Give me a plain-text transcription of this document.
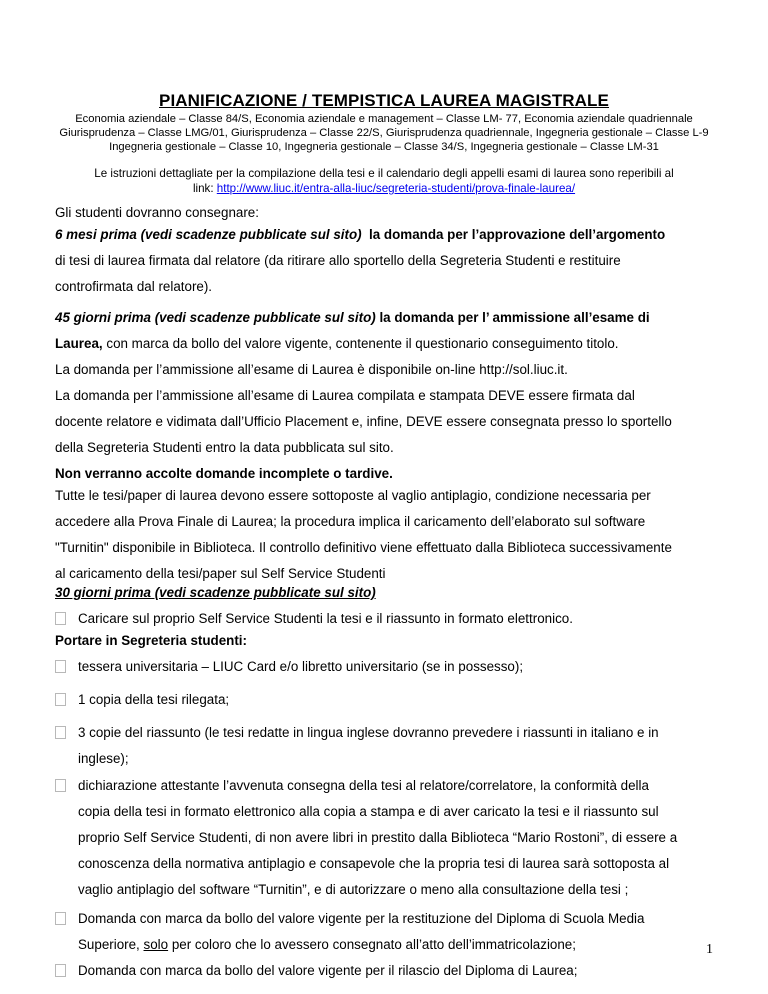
PIANIFICAZIONE / TEMPISTICA LAUREA MAGISTRALE
Economia aziendale – Classe 84/S, Economia aziendale e management – Classe LM- 77, Economia aziendale quadriennale
Giurisprudenza – Classe LMG/01, Giurisprudenza – Classe 22/S, Giurisprudenza quadriennale, Ingegneria gestionale – Classe L-9
Ingegneria gestionale – Classe 10, Ingegneria gestionale – Classe 34/S, Ingegneria gestionale – Classe LM-31
Le istruzioni dettagliate per la compilazione della tesi e il calendario degli appelli esami di laurea sono reperibili al
link: http://www.liuc.it/entra-alla-liuc/segreteria-studenti/prova-finale-laurea/
Gli studenti dovranno consegnare:
6 mesi prima (vedi scadenze pubblicate sul sito) la domanda per l’approvazione dell’argomento
di tesi di laurea firmata dal relatore (da ritirare allo sportello della Segreteria Studenti e restituire
controfirmata dal relatore).
45 giorni prima (vedi scadenze pubblicate sul sito) la domanda per l’ ammissione all’esame di
Laurea, con marca da bollo del valore vigente, contenente il questionario conseguimento titolo.
La domanda per l’ammissione all’esame di Laurea è disponibile on-line http://sol.liuc.it.
La domanda per l’ammissione all’esame di Laurea compilata e stampata DEVE essere firmata dal
docente relatore e vidimata dall’Ufficio Placement e, infine, DEVE essere consegnata presso lo sportello
della Segreteria Studenti entro la data pubblicata sul sito.
Non verranno accolte domande incomplete o tardive.
Tutte le tesi/paper di laurea devono essere sottoposte al vaglio antiplagio, condizione necessaria per
accedere alla Prova Finale di Laurea; la procedura implica il caricamento dell’elaborato sul software
"Turnitin" disponibile in Biblioteca. Il controllo definitivo viene effettuato dalla Biblioteca successivamente
al caricamento della tesi/paper sul Self Service Studenti
30 giorni prima (vedi scadenze pubblicate sul sito)
Caricare sul proprio Self Service Studenti la tesi e il riassunto in formato elettronico.
Portare in Segreteria studenti:
tessera universitaria – LIUC Card e/o libretto universitario (se in possesso);
1 copia della tesi rilegata;
3 copie del riassunto (le tesi redatte in lingua inglese dovranno prevedere i riassunti in italiano e in
inglese);
dichiarazione attestante l’avvenuta consegna della tesi al relatore/correlatore, la conformità della
copia della tesi in formato elettronico alla copia a stampa e di aver caricato la tesi e il riassunto sul
proprio Self Service Studenti, di non avere libri in prestito dalla Biblioteca “Mario Rostoni”, di essere a
conoscenza della normativa antiplagio e consapevole che la propria tesi di laurea sarà sottoposta al
vaglio antiplagio del software “Turnitin”, e di autorizzare o meno alla consultazione della tesi ;
Domanda con marca da bollo del valore vigente per la restituzione del Diploma di Scuola Media
Superiore, solo per coloro che lo avessero consegnato all’atto dell’immatricolazione;
Domanda con marca da bollo del valore vigente per il rilascio del Diploma di Laurea;
1
